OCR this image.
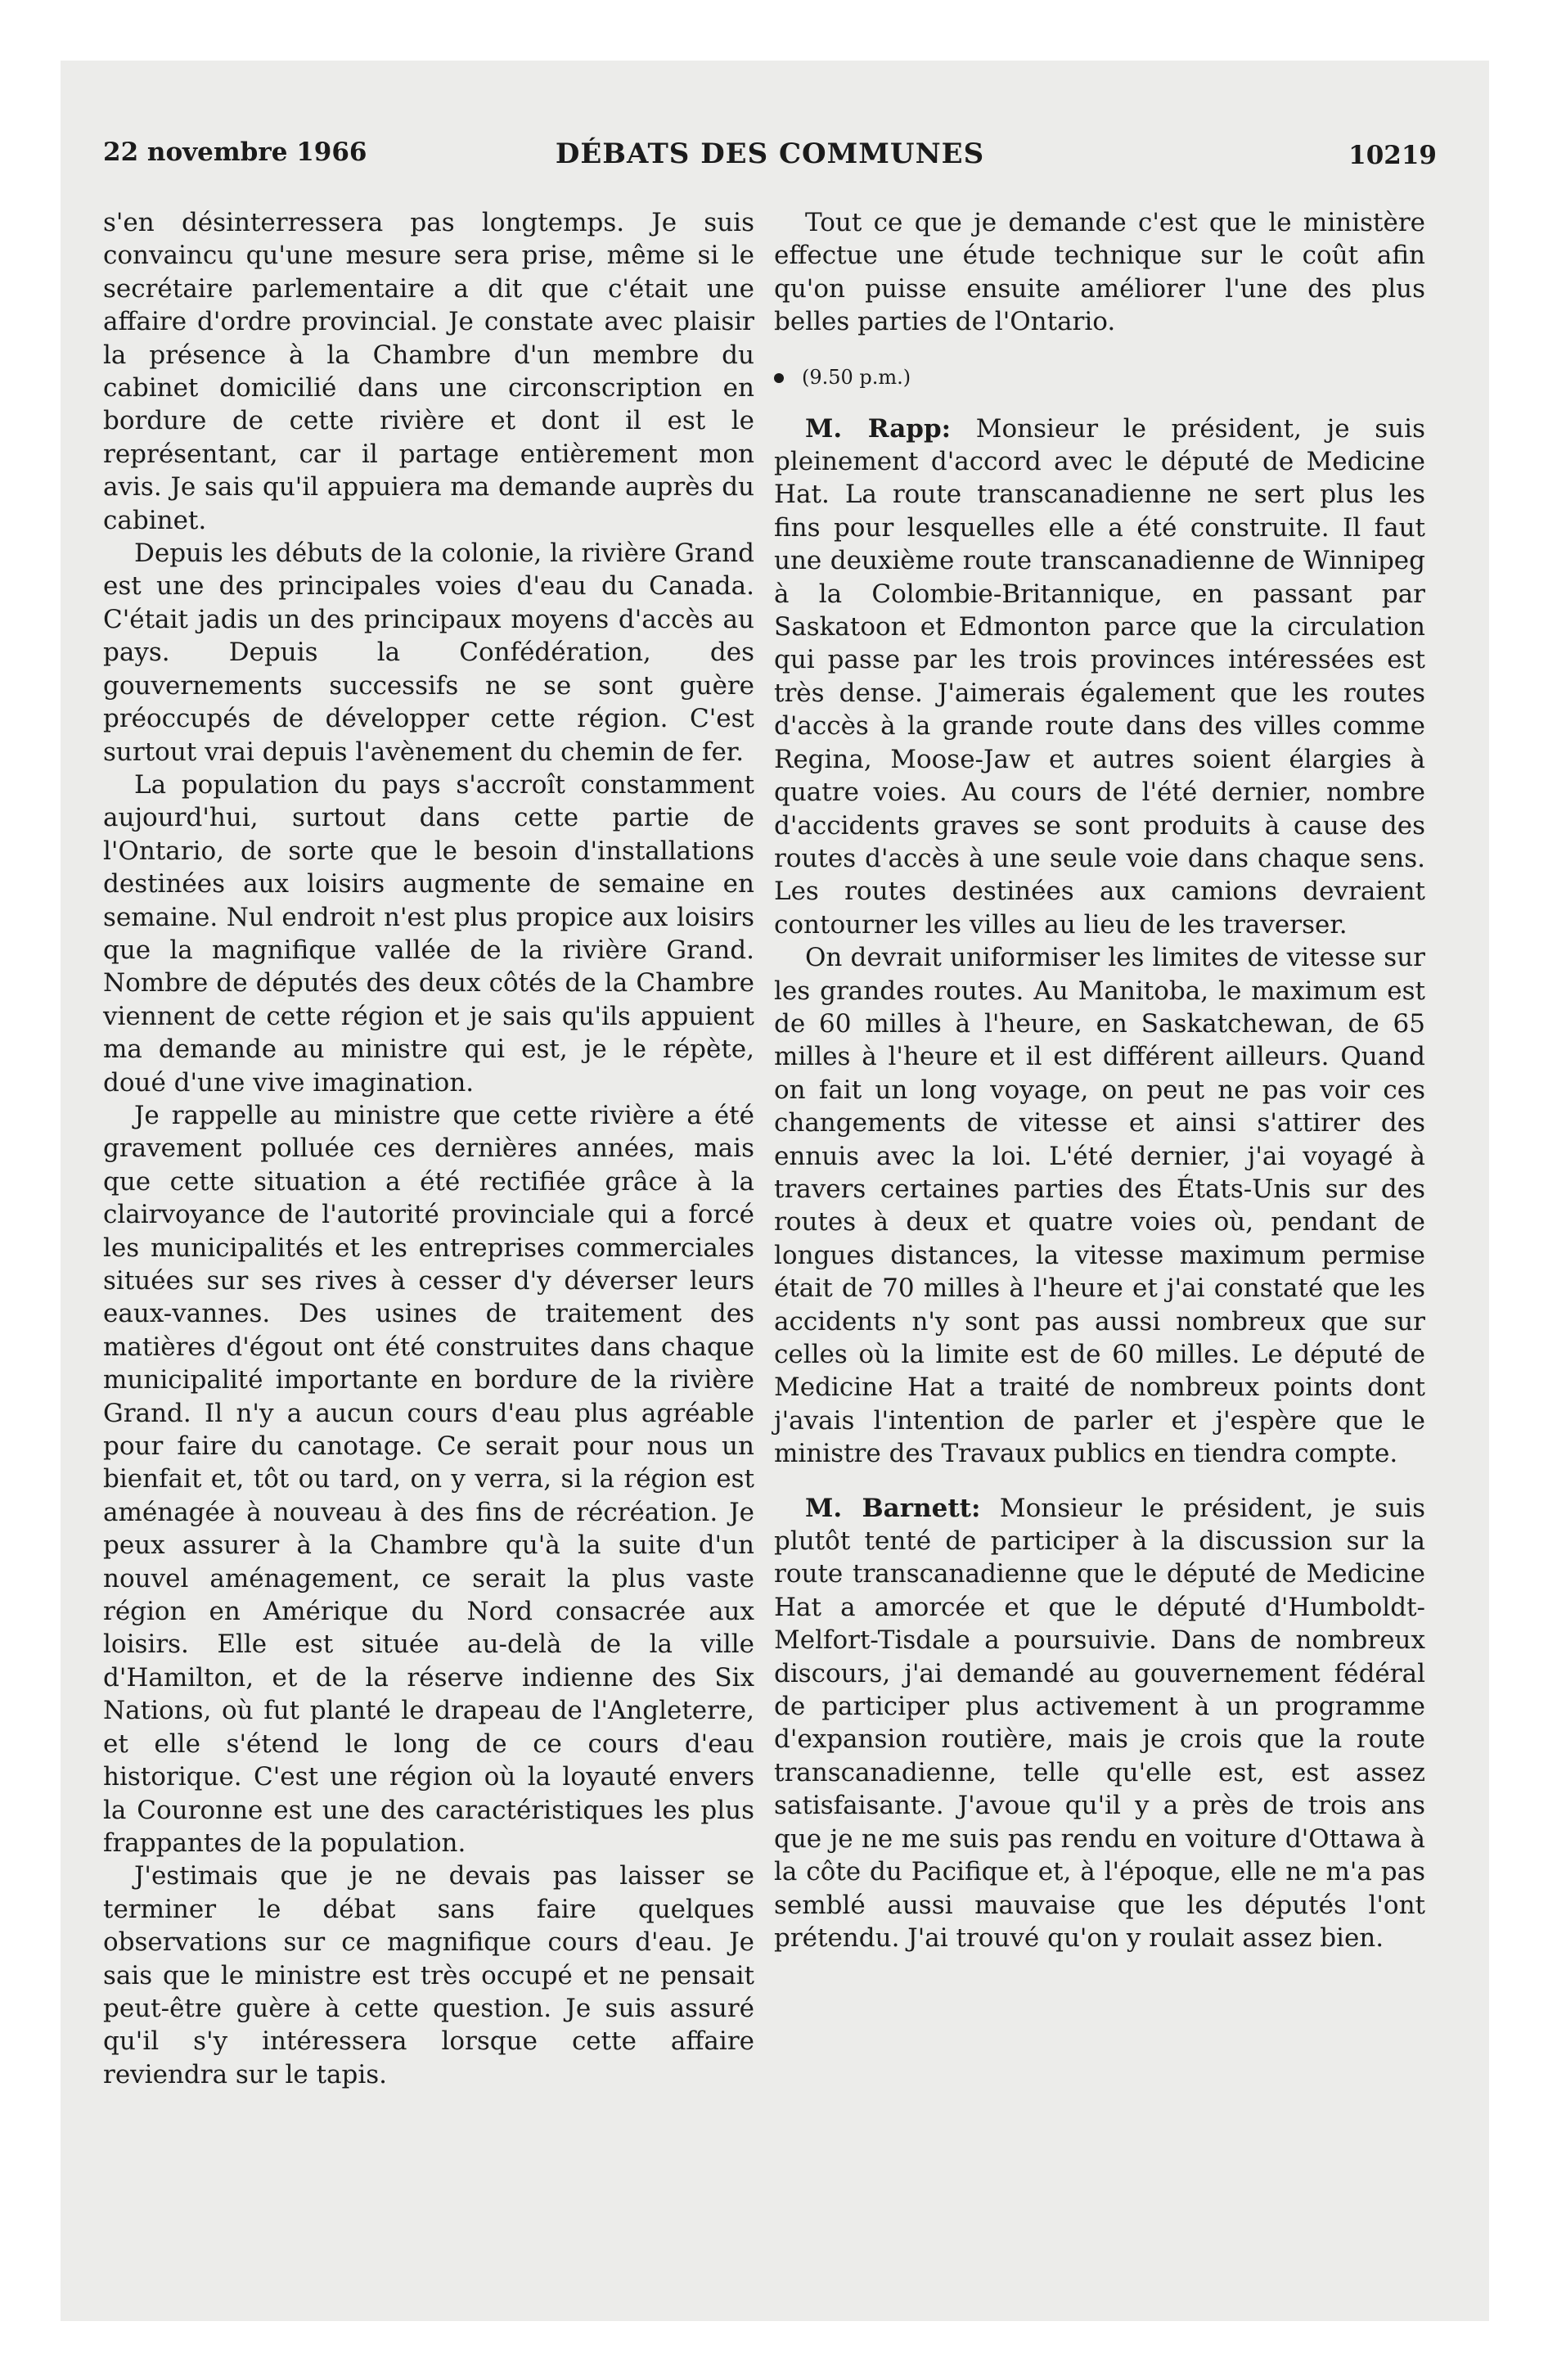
22 novembre 1966	DÉBATS DES COMMUNES	10219

s'en désinterressera pas longtemps. Je suis convaincu qu'une mesure sera prise, même si le secrétaire parlementaire a dit que c'était une affaire d'ordre provincial. Je constate avec plaisir la présence à la Chambre d'un membre du cabinet domicilié dans une circonscription en bordure de cette rivière et dont il est le représentant, car il partage entièrement mon avis. Je sais qu'il appuiera ma demande auprès du cabinet.

Depuis les débuts de la colonie, la rivière Grand est une des principales voies d'eau du Canada. C'était jadis un des principaux moyens d'accès au pays. Depuis la Confédération, des gouvernements successifs ne se sont guère préoccupés de développer cette région. C'est surtout vrai depuis l'avènement du chemin de fer.

La population du pays s'accroît constamment aujourd'hui, surtout dans cette partie de l'Ontario, de sorte que le besoin d'installations destinées aux loisirs augmente de semaine en semaine. Nul endroit n'est plus propice aux loisirs que la magnifique vallée de la rivière Grand. Nombre de députés des deux côtés de la Chambre viennent de cette région et je sais qu'ils appuient ma demande au ministre qui est, je le répète, doué d'une vive imagination.

Je rappelle au ministre que cette rivière a été gravement polluée ces dernières années, mais que cette situation a été rectifiée grâce à la clairvoyance de l'autorité provinciale qui a forcé les municipalités et les entreprises commerciales situées sur ses rives à cesser d'y déverser leurs eaux-vannes. Des usines de traitement des matières d'égout ont été construites dans chaque municipalité importante en bordure de la rivière Grand. Il n'y a aucun cours d'eau plus agréable pour faire du canotage. Ce serait pour nous un bienfait et, tôt ou tard, on y verra, si la région est aménagée à nouveau à des fins de récréation. Je peux assurer à la Chambre qu'à la suite d'un nouvel aménagement, ce serait la plus vaste région en Amérique du Nord consacrée aux loisirs. Elle est située au-delà de la ville d'Hamilton, et de la réserve indienne des Six Nations, où fut planté le drapeau de l'Angleterre, et elle s'étend le long de ce cours d'eau historique. C'est une région où la loyauté envers la Couronne est une des caractéristiques les plus frappantes de la population.

J'estimais que je ne devais pas laisser se terminer le débat sans faire quelques observations sur ce magnifique cours d'eau. Je sais que le ministre est très occupé et ne pensait peut-être guère à cette question. Je suis assuré qu'il s'y intéressera lorsque cette affaire reviendra sur le tapis.

Tout ce que je demande c'est que le ministère effectue une étude technique sur le coût afin qu'on puisse ensuite améliorer l'une des plus belles parties de l'Ontario.

(9.50 p.m.)

M. Rapp: Monsieur le président, je suis pleinement d'accord avec le député de Medicine Hat. La route transcanadienne ne sert plus les fins pour lesquelles elle a été construite. Il faut une deuxième route transcanadienne de Winnipeg à la Colombie-Britannique, en passant par Saskatoon et Edmonton parce que la circulation qui passe par les trois provinces intéressées est très dense. J'aimerais également que les routes d'accès à la grande route dans des villes comme Regina, Moose-Jaw et autres soient élargies à quatre voies. Au cours de l'été dernier, nombre d'accidents graves se sont produits à cause des routes d'accès à une seule voie dans chaque sens. Les routes destinées aux camions devraient contourner les villes au lieu de les traverser.

On devrait uniformiser les limites de vitesse sur les grandes routes. Au Manitoba, le maximum est de 60 milles à l'heure, en Saskatchewan, de 65 milles à l'heure et il est différent ailleurs. Quand on fait un long voyage, on peut ne pas voir ces changements de vitesse et ainsi s'attirer des ennuis avec la loi. L'été dernier, j'ai voyagé à travers certaines parties des États-Unis sur des routes à deux et quatre voies où, pendant de longues distances, la vitesse maximum permise était de 70 milles à l'heure et j'ai constaté que les accidents n'y sont pas aussi nombreux que sur celles où la limite est de 60 milles. Le député de Medicine Hat a traité de nombreux points dont j'avais l'intention de parler et j'espère que le ministre des Travaux publics en tiendra compte.

M. Barnett: Monsieur le président, je suis plutôt tenté de participer à la discussion sur la route transcanadienne que le député de Medicine Hat a amorcée et que le député d'Humboldt-Melfort-Tisdale a poursuivie. Dans de nombreux discours, j'ai demandé au gouvernement fédéral de participer plus activement à un programme d'expansion routière, mais je crois que la route transcanadienne, telle qu'elle est, est assez satisfaisante. J'avoue qu'il y a près de trois ans que je ne me suis pas rendu en voiture d'Ottawa à la côte du Pacifique et, à l'époque, elle ne m'a pas semblé aussi mauvaise que les députés l'ont prétendu. J'ai trouvé qu'on y roulait assez bien.
